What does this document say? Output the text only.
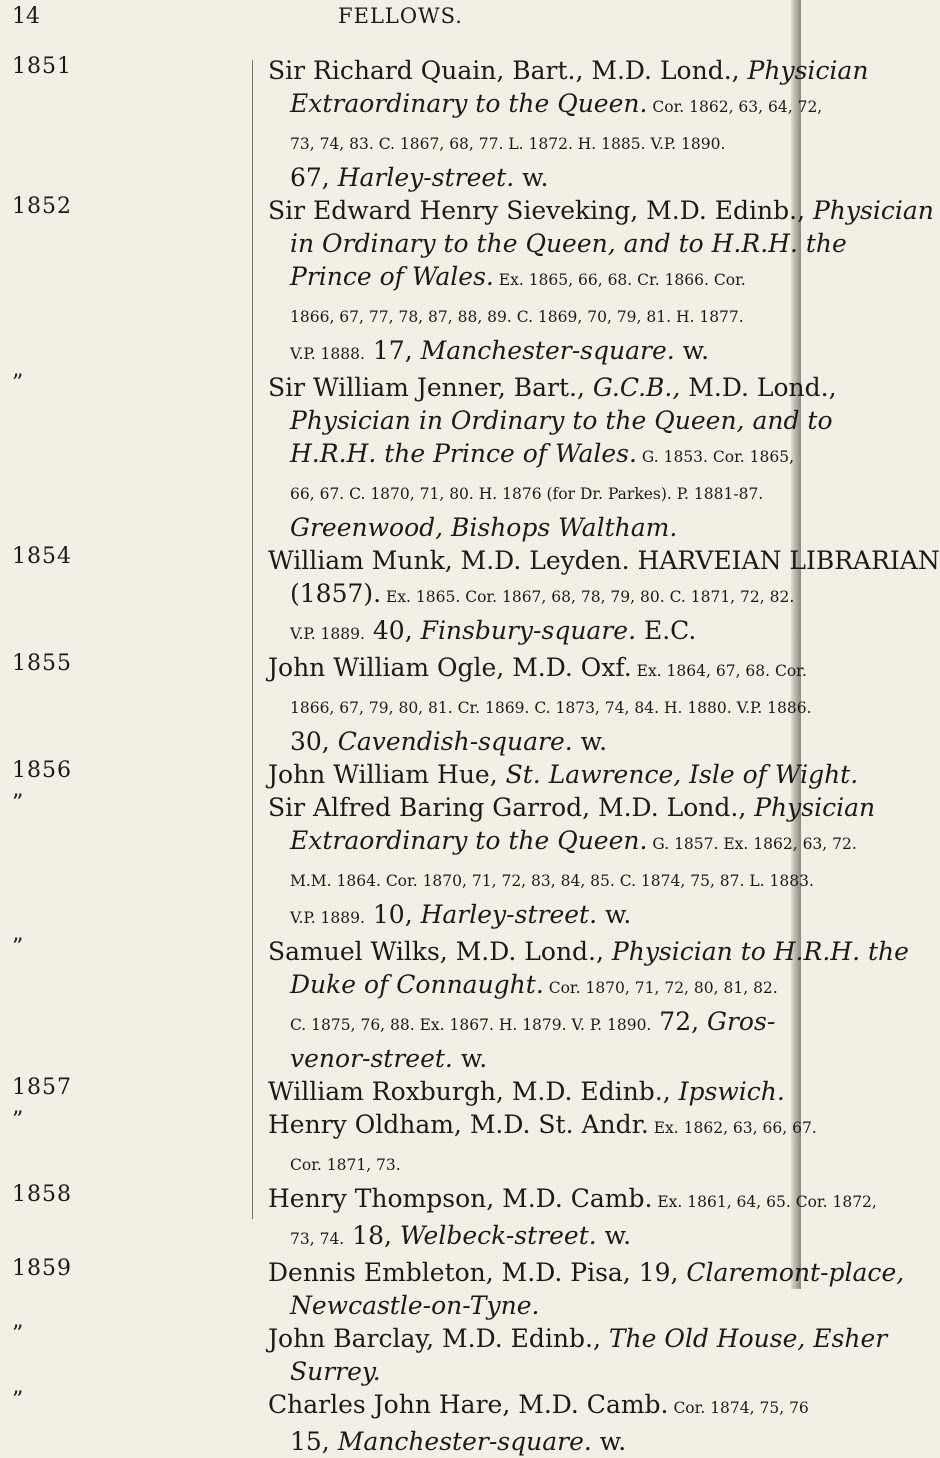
14	FELLOWS.
1851	Sir Richard Quain, Bart., M.D. Lond., Physician
Extraordinary to the Queen. Cor. 1862, 63, 64, 72,
73, 74, 83. C. 1867, 68, 77. L. 1872. H. 1885. V.P. 1890.
67, Harley-street. w.
1852	Sir Edward Henry Sieveking, M.D. Edinb., Physician
in Ordinary to the Queen, and to H.R.H. the
Prince of Wales. Ex. 1865, 66, 68. Cr. 1866. Cor.
1866, 67, 77, 78, 87, 88, 89. C. 1869, 70, 79, 81. H. 1877.
V.P. 1888. 17, Manchester-square. w.
”	Sir William Jenner, Bart., G.C.B., M.D. Lond.,
Physician in Ordinary to the Queen, and to
H.R.H. the Prince of Wales. G. 1853. Cor. 1865,
66, 67. C. 1870, 71, 80. H. 1876 (for Dr. Parkes). P. 1881-87.
Greenwood, Bishops Waltham.
1854	William Munk, M.D. Leyden. HARVEIAN LIBRARIAN
(1857). Ex. 1865. Cor. 1867, 68, 78, 79, 80. C. 1871, 72, 82.
V.P. 1889. 40, Finsbury-square. E.C.
1855	John William Ogle, M.D. Oxf. Ex. 1864, 67, 68. Cor.
1866, 67, 79, 80, 81. Cr. 1869. C. 1873, 74, 84. H. 1880. V.P. 1886.
30, Cavendish-square. w.
1856	John William Hue, St. Lawrence, Isle of Wight.
”	Sir Alfred Baring Garrod, M.D. Lond., Physician
Extraordinary to the Queen. G. 1857. Ex. 1862, 63, 72.
M.M. 1864. Cor. 1870, 71, 72, 83, 84, 85. C. 1874, 75, 87. L. 1883.
V.P. 1889. 10, Harley-street. w.
”	Samuel Wilks, M.D. Lond., Physician to H.R.H. the
Duke of Connaught. Cor. 1870, 71, 72, 80, 81, 82.
C. 1875, 76, 88. Ex. 1867. H. 1879. V. P. 1890. 72, Gros-
venor-street. w.
1857	William Roxburgh, M.D. Edinb., Ipswich.
”	Henry Oldham, M.D. St. Andr. Ex. 1862, 63, 66, 67.
Cor. 1871, 73.
1858	Henry Thompson, M.D. Camb. Ex. 1861, 64, 65. Cor. 1872,
73, 74. 18, Welbeck-street. w.
1859	Dennis Embleton, M.D. Pisa, 19, Claremont-place,
Newcastle-on-Tyne.
”	John Barclay, M.D. Edinb., The Old House, Esher
Surrey.
”	Charles John Hare, M.D. Camb. Cor. 1874, 75, 76
15, Manchester-square. w.
